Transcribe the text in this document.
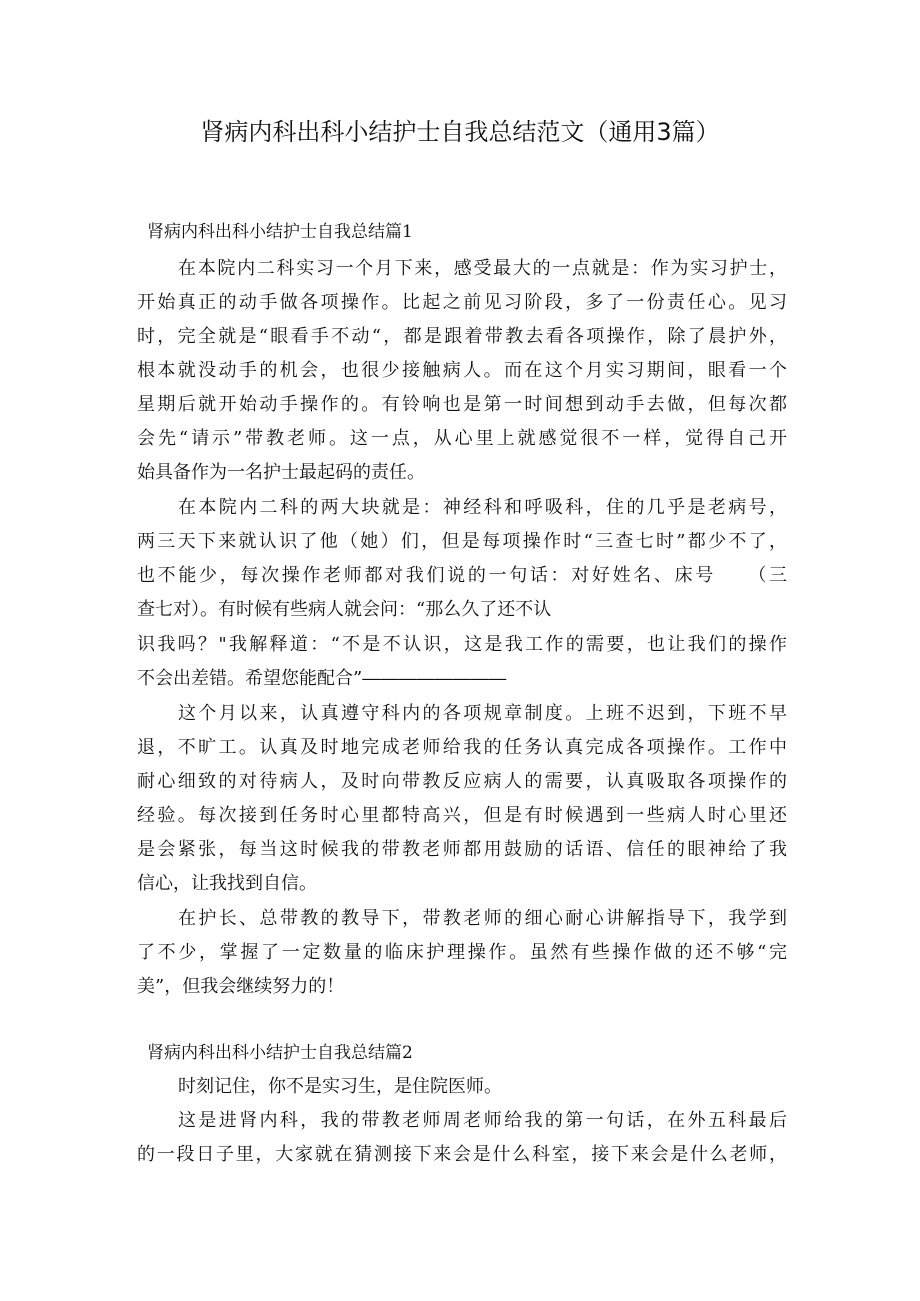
肾病内科出科小结护士自我总结范文（通用3篇）
肾病内科出科小结护士自我总结篇1
在本院内二科实习一个月下来，感受最大的一点就是：作为实习护士，
开始真正的动手做各项操作。比起之前见习阶段，多了一份责任心。见习
时，完全就是“眼看手不动“，都是跟着带教去看各项操作，除了晨护外，
根本就没动手的机会，也很少接触病人。而在这个月实习期间，眼看一个
星期后就开始动手操作的。有铃响也是第一时间想到动手去做，但每次都
会先“请示”带教老师。这一点，从心里上就感觉很不一样，觉得自己开
始具备作为一名护士最起码的责任。
在本院内二科的两大块就是：神经科和呼吸科，住的几乎是老病号，
两三天下来就认识了他（她）们，但是每项操作时“三查七时”都少不了，
也不能少，每次操作老师都对我们说的一句话：对好姓名、床号　　（三
查七对）。有时候有些病人就会问：“那么久了还不认
识我吗？"我解释道：“不是不认识，这是我工作的需要，也让我们的操作
不会出差错。希望您能配合”――――――――
这个月以来，认真遵守科内的各项规章制度。上班不迟到，下班不早
退，不旷工。认真及时地完成老师给我的任务认真完成各项操作。工作中
耐心细致的对待病人，及时向带教反应病人的需要，认真吸取各项操作的
经验。每次接到任务时心里都特高兴，但是有时候遇到一些病人时心里还
是会紧张，每当这时候我的带教老师都用鼓励的话语、信任的眼神给了我
信心，让我找到自信。
在护长、总带教的教导下，带教老师的细心耐心讲解指导下，我学到
了不少，掌握了一定数量的临床护理操作。虽然有些操作做的还不够“完
美”，但我会继续努力的！
肾病内科出科小结护士自我总结篇2
时刻记住，你不是实习生，是住院医师。
这是进肾内科，我的带教老师周老师给我的第一句话，在外五科最后
的一段日子里，大家就在猜测接下来会是什么科室，接下来会是什么老师，
